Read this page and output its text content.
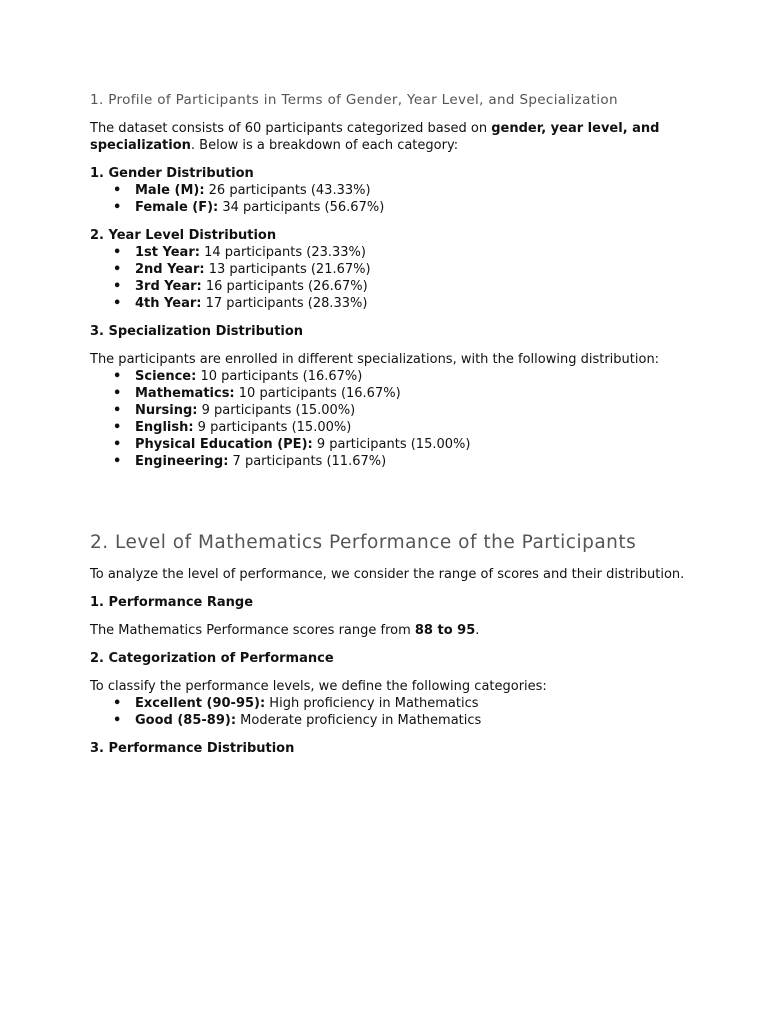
1. Profile of Participants in Terms of Gender, Year Level, and Specialization

The dataset consists of 60 participants categorized based on gender, year level, and specialization. Below is a breakdown of each category:

1. Gender Distribution

• Male (M): 26 participants (43.33%)
• Female (F): 34 participants (56.67%)

2. Year Level Distribution

• 1st Year: 14 participants (23.33%)
• 2nd Year: 13 participants (21.67%)
• 3rd Year: 16 participants (26.67%)
• 4th Year: 17 participants (28.33%)

3. Specialization Distribution

The participants are enrolled in different specializations, with the following distribution:

• Science: 10 participants (16.67%)
• Mathematics: 10 participants (16.67%)
• Nursing: 9 participants (15.00%)
• English: 9 participants (15.00%)
• Physical Education (PE): 9 participants (15.00%)
• Engineering: 7 participants (11.67%)
2. Level of Mathematics Performance of the Participants

To analyze the level of performance, we consider the range of scores and their distribution.

1. Performance Range

The Mathematics Performance scores range from 88 to 95.

2. Categorization of Performance

To classify the performance levels, we define the following categories:

• Excellent (90-95): High proficiency in Mathematics
• Good (85-89): Moderate proficiency in Mathematics

3. Performance Distribution
